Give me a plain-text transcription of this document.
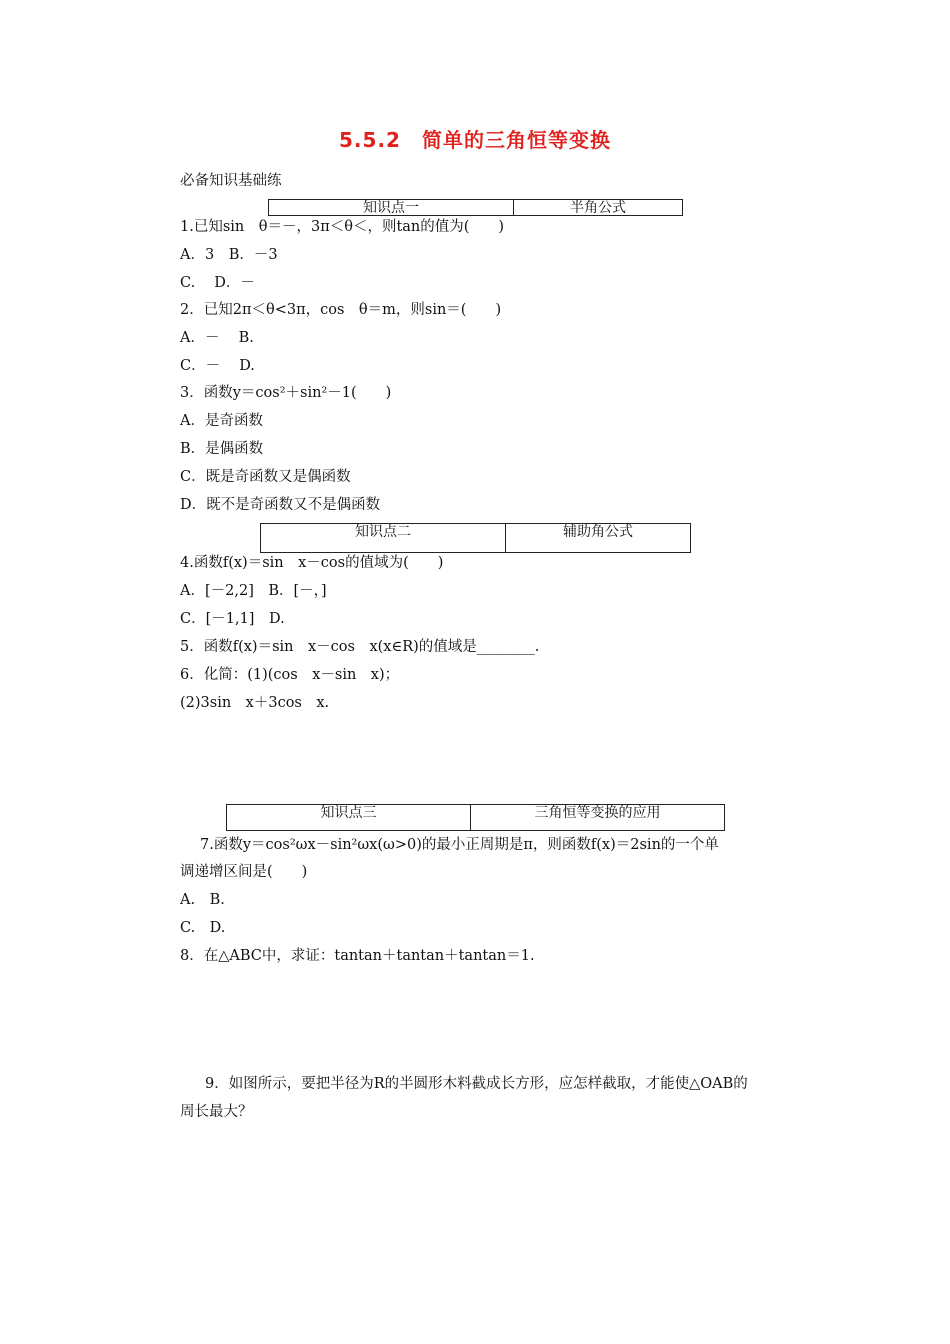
5.5.2　简单的三角恒等变换
必备知识基础练
知识点一	半角公式
1.已知sin　θ＝－，3π＜θ＜，则tan的值为(　　)
A．3　B．－3
C.　 D．－
2．已知2π＜θ<3π，cos　θ＝m，则sin＝(　　)
A．－　 B.
C．－　 D.
3．函数y＝cos²＋sin²－1(　　)
A．是奇函数
B．是偶函数
C．既是奇函数又是偶函数
D．既不是奇函数又不是偶函数
知识点二	辅助角公式
4.函数f(x)＝sin　x－cos的值域为(　　)
A．[－2,2]　B．[－，]
C．[－1,1]　D.
5．函数f(x)＝sin　x－cos　x(x∈R)的值域是________.
6．化简：(1)(cos　x－sin　x)；
(2)3sin　x＋3cos　x.
知识点三	三角恒等变换的应用
7.函数y＝cos²ωx－sin²ωx(ω>0)的最小正周期是π，则函数f(x)＝2sin的一个单
调递增区间是(　　)
A.　B.
C.　D.
8．在△ABC中，求证：tantan＋tantan＋tantan＝1.
9．如图所示，要把半径为R的半圆形木料截成长方形，应怎样截取，才能使△OAB的
周长最大？
